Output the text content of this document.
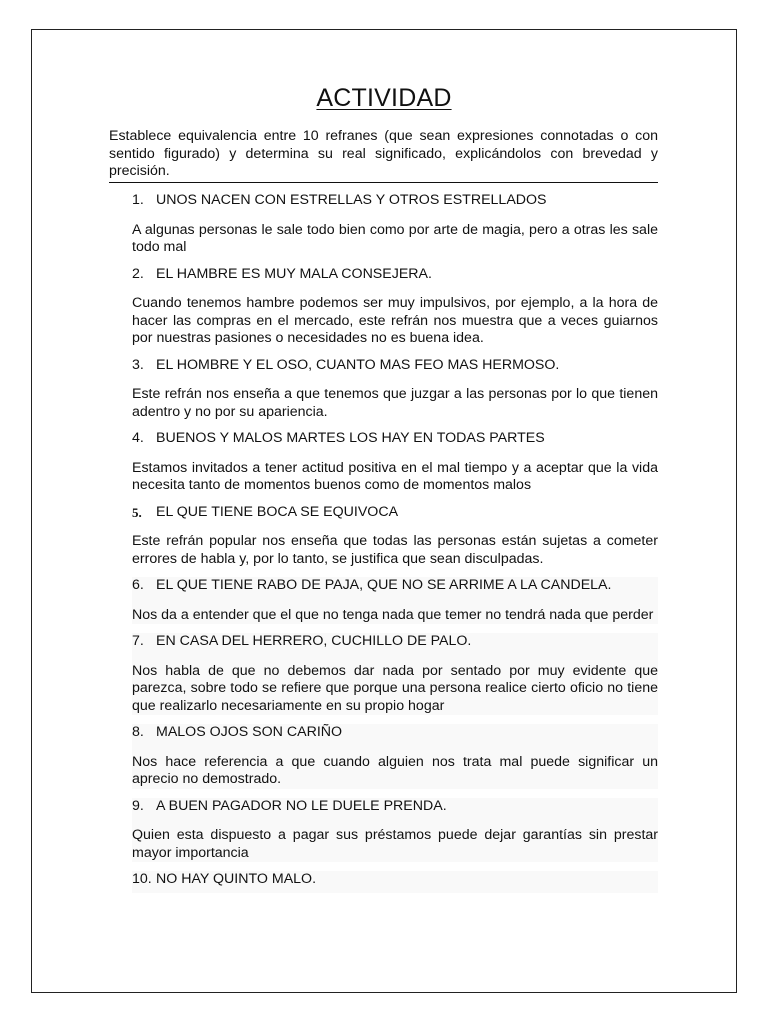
ACTIVIDAD

Establece equivalencia entre 10 refranes (que sean expresiones connotadas o con sentido figurado) y determina su real significado, explicándolos con brevedad y precisión.

1. UNOS NACEN CON ESTRELLAS Y OTROS ESTRELLADOS
A algunas personas le sale todo bien como por arte de magia, pero a otras les sale todo mal
2. EL HAMBRE ES MUY MALA CONSEJERA.
Cuando tenemos hambre podemos ser muy impulsivos, por ejemplo, a la hora de hacer las compras en el mercado, este refrán nos muestra que a veces guiarnos por nuestras pasiones o necesidades no es buena idea.
3. EL HOMBRE Y EL OSO, CUANTO MAS FEO MAS HERMOSO.
Este refrán nos enseña a que tenemos que juzgar a las personas por lo que tienen adentro y no por su apariencia.
4. BUENOS Y MALOS MARTES LOS HAY EN TODAS PARTES
Estamos invitados a tener actitud positiva en el mal tiempo y a aceptar que la vida necesita tanto de momentos buenos como de momentos malos
5.	EL QUE TIENE BOCA SE EQUIVOCA
Este refrán popular nos enseña que todas las personas están sujetas a cometer errores de habla y, por lo tanto, se justifica que sean disculpadas.
6. EL QUE TIENE RABO DE PAJA, QUE NO SE ARRIME A LA CANDELA.
Nos da a entender que el que no tenga nada que temer no tendrá nada que perder
7. EN CASA DEL HERRERO, CUCHILLO DE PALO.
Nos habla de que no debemos dar nada por sentado por muy evidente que parezca, sobre todo se refiere que porque una persona realice cierto oficio no tiene que realizarlo necesariamente en su propio hogar
8. MALOS OJOS SON CARIÑO
Nos hace referencia a que cuando alguien nos trata mal puede significar un aprecio no demostrado.
9. A BUEN PAGADOR NO LE DUELE PRENDA.
Quien esta dispuesto a pagar sus préstamos puede dejar garantías sin prestar mayor importancia
10. NO HAY QUINTO MALO.
